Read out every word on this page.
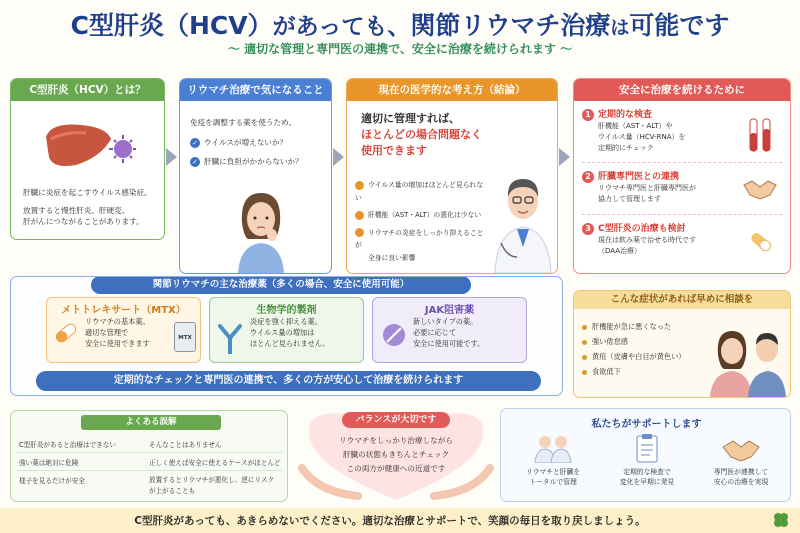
C型肝炎（HCV）があっても、関節リウマチ治療は可能です
〜 適切な管理と専門医の連携で、安全に治療を続けられます 〜
C型肝炎（HCV）とは？
肝臓に炎症を起こすウイルス感染症。
放置すると慢性肝炎、肝硬変、
肝がんにつながることがあります。
リウマチ治療で気になること
免疫を調整する薬を使うため、
✓ ウイルスが増えないか？
✓ 肝臓に負担がかからないか？
現在の医学的な考え方（結論）
適切に管理すれば、
ほとんどの場合問題なく
使用できます
ウイルス量の増加はほとんど見られない
肝機能（AST・ALT）の悪化は少ない
リウマチの炎症をしっかり抑えることが
全身に良い影響
安全に治療を続けるために
1 定期的な検査
肝機能（AST・ALT）や
ウイルス量（HCV-RNA）を
定期的にチェック
2 肝臓専門医との連携
リウマチ専門医と肝臓専門医が
協力して管理します
3 C型肝炎の治療も検討
現在は飲み薬で治せる時代です
（DAA治療）
関節リウマチの主な治療薬（多くの場合、安全に使用可能）
メトトレキサート（MTX）
リウマチの基本薬。
適切な管理で
安全に使用できます
MTX
生物学的製剤
炎症を強く抑える薬。
ウイルス量の増加は
ほとんど見られません。
JAK阻害薬
新しいタイプの薬。
必要に応じて
安全に使用可能です。
定期的なチェックと専門医の連携で、多くの方が安心して治療を続けられます
こんな症状があれば早めに相談を
肝機能が急に悪くなった
強い倦怠感
黄疸（皮膚や白目が黄色い）
食欲低下
よくある誤解
C型肝炎があると治療はできない	そんなことはありません
強い薬は絶対に危険	正しく使えば安全に使えるケースがほとんど
様子を見るだけが安全	放置するとリウマチが悪化し、逆にリスクが上がることも
バランスが大切です
リウマチをしっかり治療しながら
肝臓の状態もきちんとチェック
この両方が健康への近道です
私たちがサポートします
リウマチと肝臓を
トータルで管理
定期的な検査で
変化を早期に発見
専門医が連携して
安心の治療を実現
C型肝炎があっても、あきらめないでください。適切な治療とサポートで、笑顔の毎日を取り戻しましょう。
